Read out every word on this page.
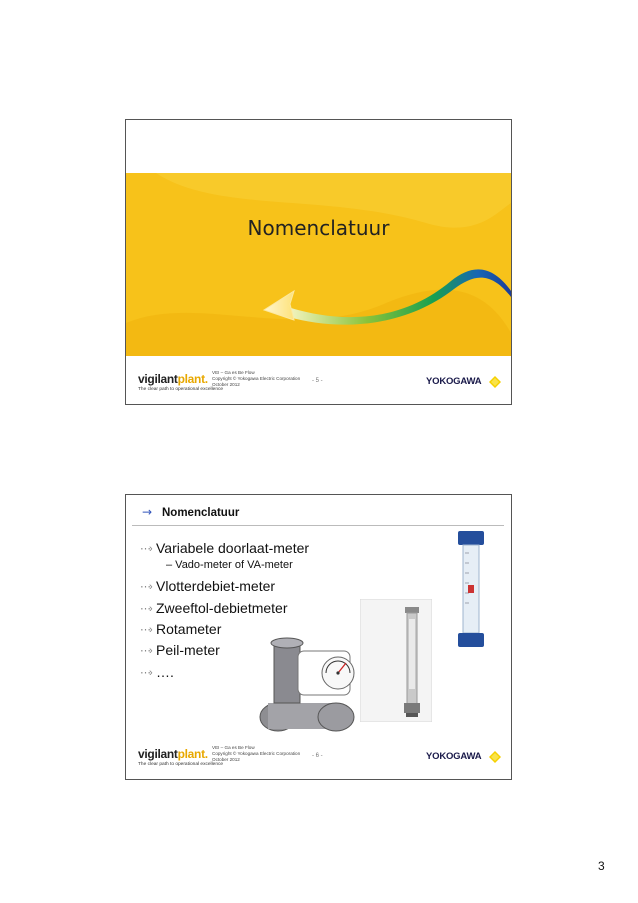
Nomenclatuur
vigilantplant.
The clear path to operational excellence
VEI – Ga es Be Flow
Copyright © Yokogawa Electric Corporation
October 2012
- 5 -	YOKOGAWA
→ Nomenclatuur
⋯› Variabele doorlaat-meter
– Vado-meter of VA-meter
⋯› Vlotterdebiet-meter
⋯› Zweeftol-debietmeter
⋯› Rotameter
⋯› Peil-meter
⋯› ….
vigilantplant.
The clear path to operational excellence
VEI – Ga es Be Flow
Copyright © Yokogawa Electric Corporation
October 2012
- 6 -	YOKOGAWA
3
